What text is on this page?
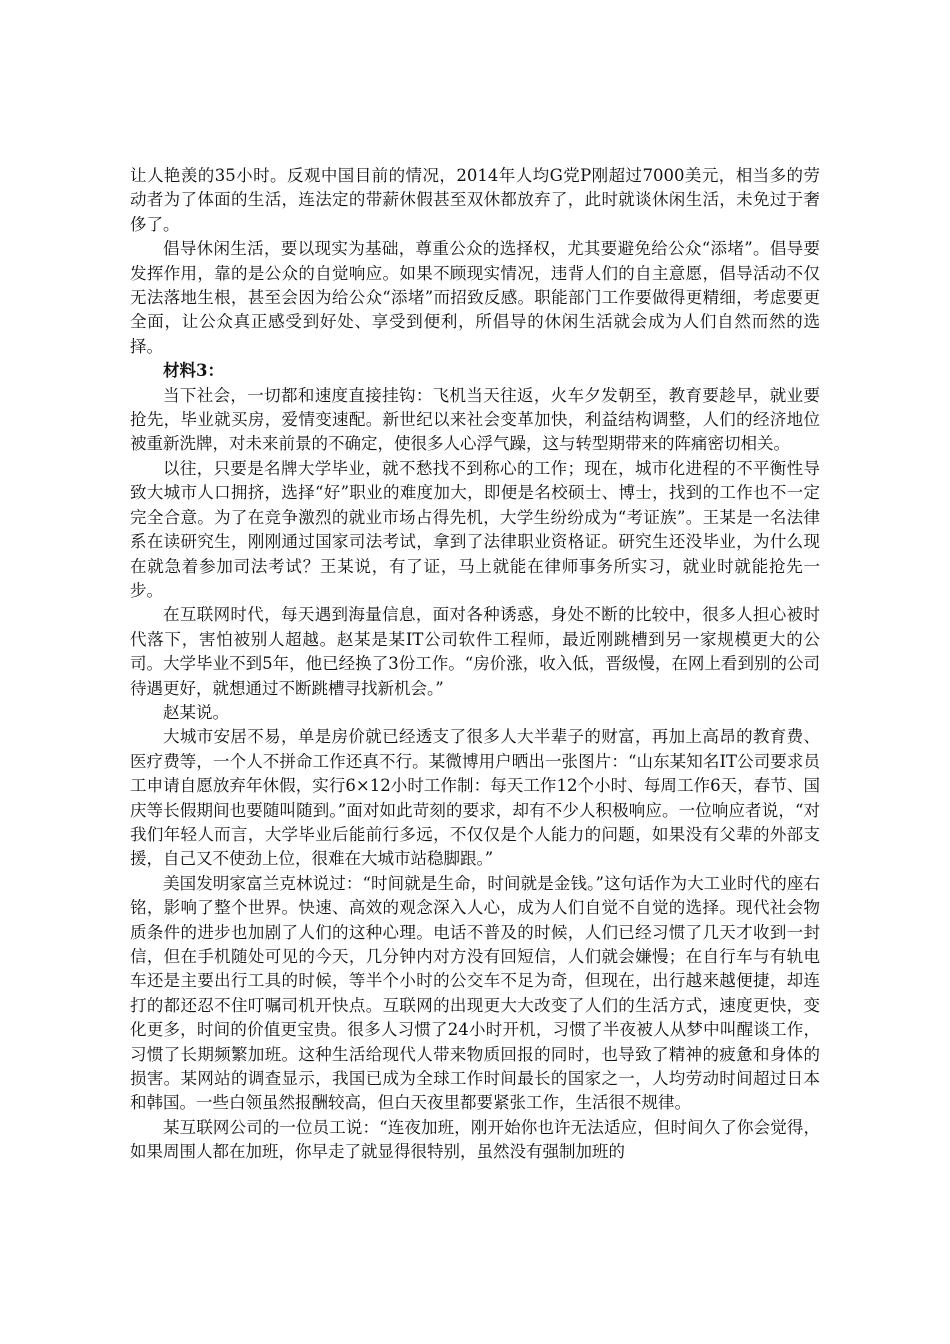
让人艳羡的35小时。反观中国目前的情况，2014年人均G党P刚超过7000美元，相当多的劳动者为了体面的生活，连法定的带薪休假甚至双休都放弃了，此时就谈休闲生活，未免过于奢侈了。

倡导休闲生活，要以现实为基础，尊重公众的选择权，尤其要避免给公众“添堵”。倡导要发挥作用，靠的是公众的自觉响应。如果不顾现实情况，违背人们的自主意愿，倡导活动不仅无法落地生根，甚至会因为给公众“添堵”而招致反感。职能部门工作要做得更精细，考虑要更全面，让公众真正感受到好处、享受到便利，所倡导的休闲生活就会成为人们自然而然的选择。

材料3：

当下社会，一切都和速度直接挂钩：飞机当天往返，火车夕发朝至，教育要趁早，就业要抢先，毕业就买房，爱情变速配。新世纪以来社会变革加快，利益结构调整，人们的经济地位被重新洗牌，对未来前景的不确定，使很多人心浮气躁，这与转型期带来的阵痛密切相关。

以往，只要是名牌大学毕业，就不愁找不到称心的工作；现在，城市化进程的不平衡性导致大城市人口拥挤，选择“好”职业的难度加大，即便是名校硕士、博士，找到的工作也不一定完全合意。为了在竞争激烈的就业市场占得先机，大学生纷纷成为“考证族”。王某是一名法律系在读研究生，刚刚通过国家司法考试，拿到了法律职业资格证。研究生还没毕业，为什么现在就急着参加司法考试？王某说，有了证，马上就能在律师事务所实习，就业时就能抢先一步。

在互联网时代，每天遇到海量信息，面对各种诱惑，身处不断的比较中，很多人担心被时代落下，害怕被别人超越。赵某是某IT公司软件工程师，最近刚跳槽到另一家规模更大的公司。大学毕业不到5年，他已经换了3份工作。“房价涨，收入低，晋级慢，在网上看到别的公司待遇更好，就想通过不断跳槽寻找新机会。”

赵某说。

大城市安居不易，单是房价就已经透支了很多人大半辈子的财富，再加上高昂的教育费、医疗费等，一个人不拼命工作还真不行。某微博用户晒出一张图片：“山东某知名IT公司要求员工申请自愿放弃年休假，实行6×12小时工作制：每天工作12个小时、每周工作6天，春节、国庆等长假期间也要随叫随到。”面对如此苛刻的要求，却有不少人积极响应。一位响应者说，“对我们年轻人而言，大学毕业后能前行多远，不仅仅是个人能力的问题，如果没有父辈的外部支援，自己又不使劲上位，很难在大城市站稳脚跟。”

美国发明家富兰克林说过：“时间就是生命，时间就是金钱。”这句话作为大工业时代的座右铭，影响了整个世界。快速、高效的观念深入人心，成为人们自觉不自觉的选择。现代社会物质条件的进步也加剧了人们的这种心理。电话不普及的时候，人们已经习惯了几天才收到一封信，但在手机随处可见的今天，几分钟内对方没有回短信，人们就会嫌慢；在自行车与有轨电车还是主要出行工具的时候，等半个小时的公交车不足为奇，但现在，出行越来越便捷，却连打的都还忍不住叮嘱司机开快点。互联网的出现更大大改变了人们的生活方式，速度更快，变化更多，时间的价值更宝贵。很多人习惯了24小时开机，习惯了半夜被人从梦中叫醒谈工作，习惯了长期频繁加班。这种生活给现代人带来物质回报的同时，也导致了精神的疲惫和身体的损害。某网站的调查显示，我国已成为全球工作时间最长的国家之一，人均劳动时间超过日本和韩国。一些白领虽然报酬较高，但白天夜里都要紧张工作，生活很不规律。

某互联网公司的一位员工说：“连夜加班，刚开始你也许无法适应，但时间久了你会觉得，如果周围人都在加班，你早走了就显得很特别，虽然没有强制加班的
